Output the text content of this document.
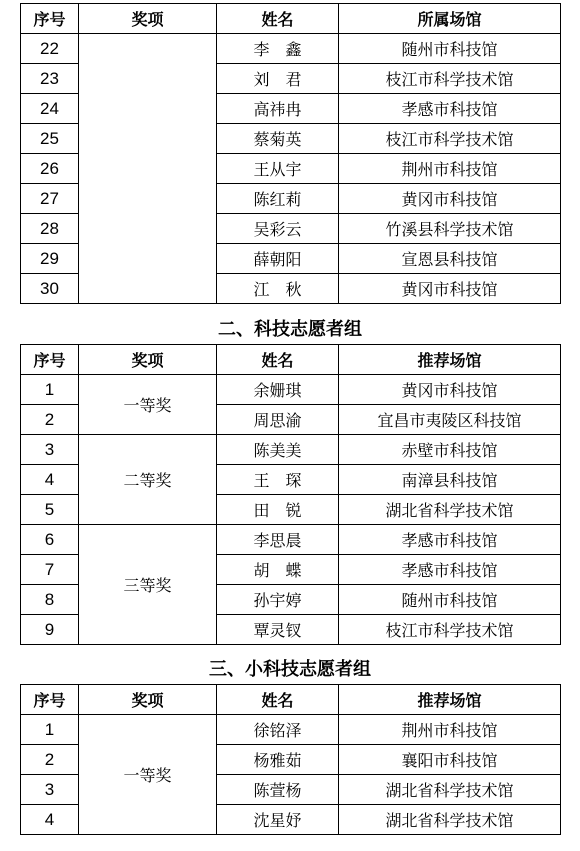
序号	奖项	姓名	所属场馆
22		李　鑫	随州市科技馆
23		刘　君	枝江市科学技术馆
24		高祎冉	孝感市科技馆
25		蔡菊英	枝江市科学技术馆
26		王从宇	荆州市科技馆
27		陈红莉	黄冈市科技馆
28		吴彩云	竹溪县科学技术馆
29		薛朝阳	宣恩县科技馆
30		江　秋	黄冈市科技馆
二、科技志愿者组
序号	奖项	姓名	推荐场馆
1	一等奖	余姗琪	黄冈市科技馆
2		周思渝	宜昌市夷陵区科技馆
3	二等奖	陈美美	赤壁市科技馆
4		王　琛	南漳县科技馆
5		田　锐	湖北省科学技术馆
6	三等奖	李思晨	孝感市科技馆
7		胡　蝶	孝感市科技馆
8		孙宇婷	随州市科技馆
9		覃灵钗	枝江市科学技术馆
三、小科技志愿者组
序号	奖项	姓名	推荐场馆
1	一等奖	徐铭泽	荆州市科技馆
2		杨雅茹	襄阳市科技馆
3		陈萱杨	湖北省科学技术馆
4		沈星妤	湖北省科学技术馆
